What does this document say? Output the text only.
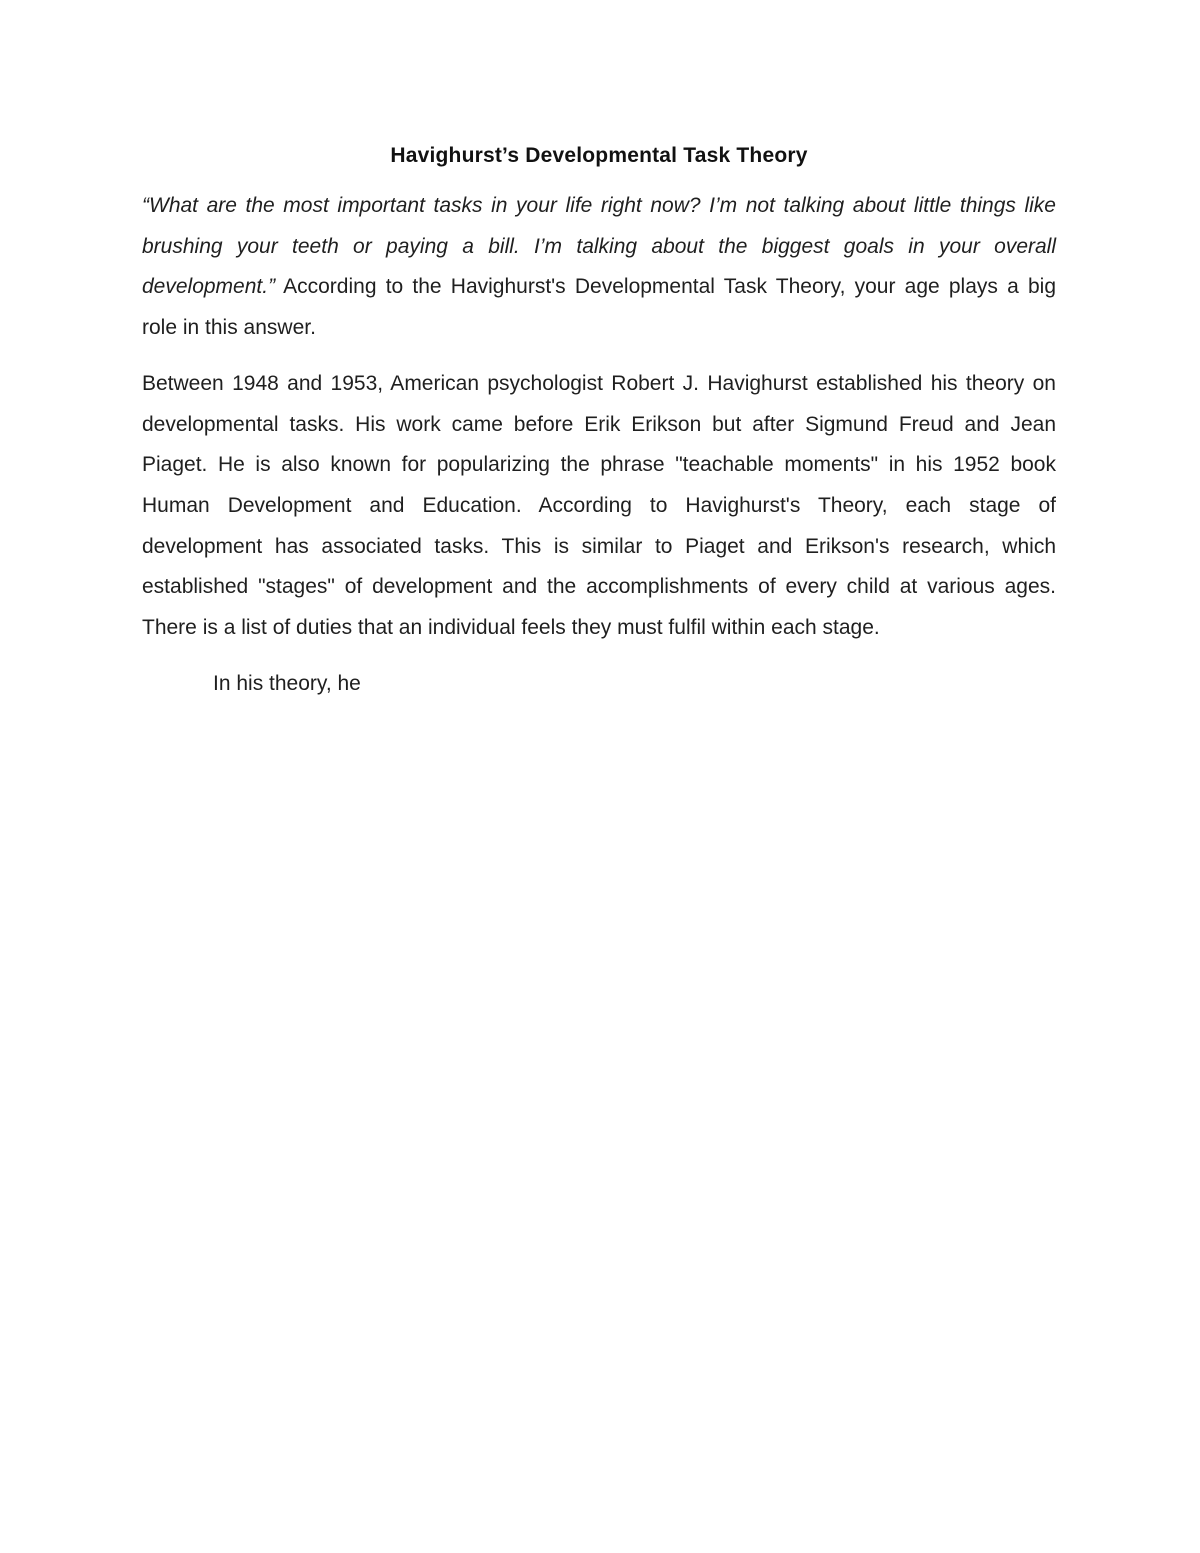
Havighurst’s Developmental Task Theory

“What are the most important tasks in your life right now? I’m not talking about little things like brushing your teeth or paying a bill. I’m talking about the biggest goals in your overall development.” According to the Havighurst's Developmental Task Theory, your age plays a big role in this answer.

Between 1948 and 1953, American psychologist Robert J. Havighurst established his theory on developmental tasks. His work came before Erik Erikson but after Sigmund Freud and Jean Piaget. He is also known for popularizing the phrase "teachable moments" in his 1952 book Human Development and Education. According to Havighurst's Theory, each stage of development has associated tasks. This is similar to Piaget and Erikson's research, which established "stages" of development and the accomplishments of every child at various ages. There is a list of duties that an individual feels they must fulfil within each stage.

In his theory, he
